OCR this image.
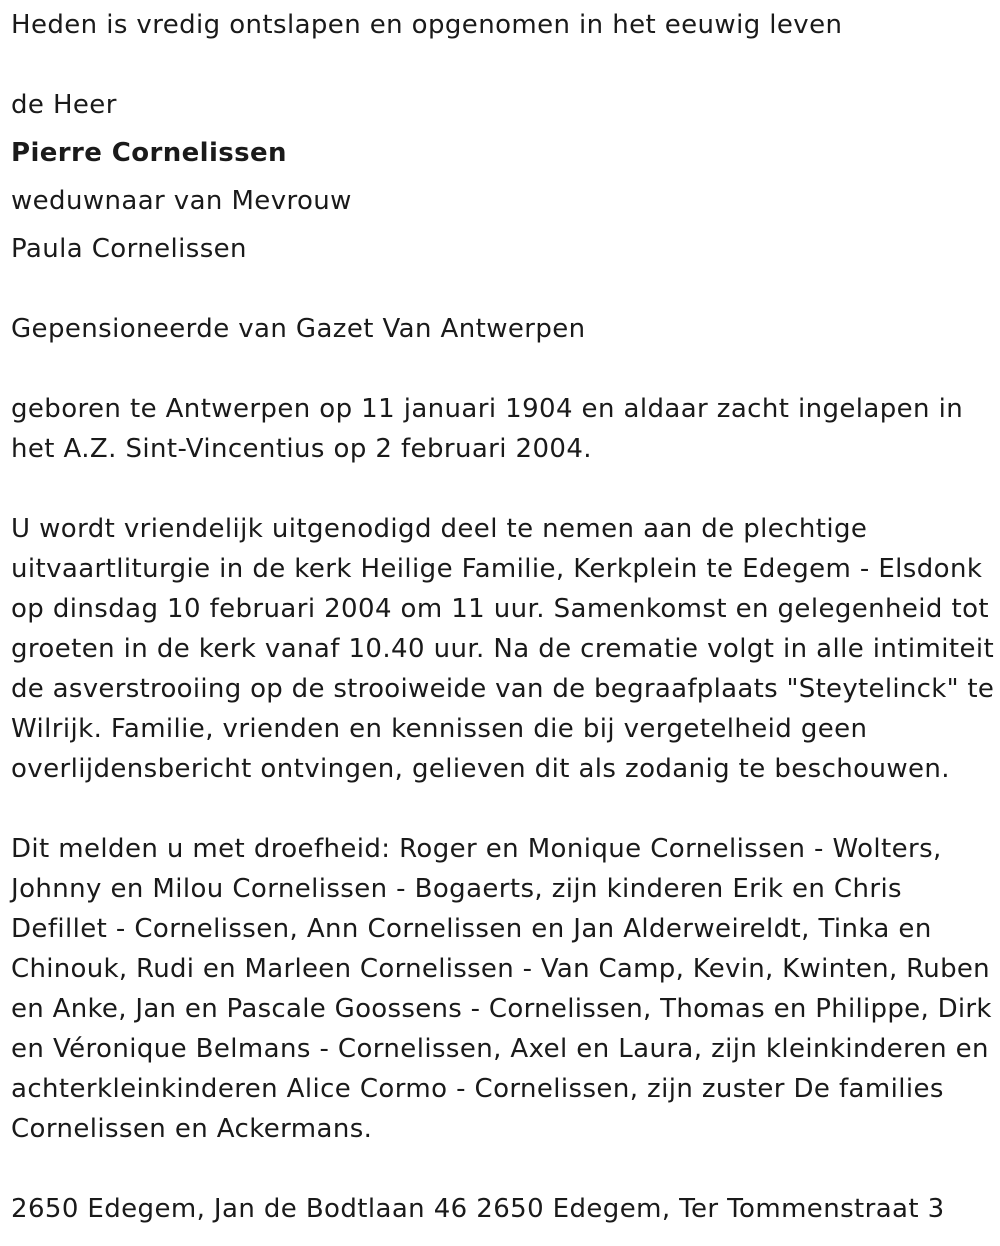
Heden is vredig ontslapen en opgenomen in het eeuwig leven
de Heer
Pierre Cornelissen
weduwnaar van Mevrouw
Paula Cornelissen
Gepensioneerde van Gazet Van Antwerpen
geboren te Antwerpen op 11 januari 1904 en aldaar zacht ingelapen in
het A.Z. Sint-Vincentius op 2 februari 2004.
U wordt vriendelijk uitgenodigd deel te nemen aan de plechtige
uitvaartliturgie in de kerk Heilige Familie, Kerkplein te Edegem - Elsdonk
op dinsdag 10 februari 2004 om 11 uur. Samenkomst en gelegenheid tot
groeten in de kerk vanaf 10.40 uur. Na de crematie volgt in alle intimiteit
de asverstrooiing op de strooiweide van de begraafplaats "Steytelinck" te
Wilrijk. Familie, vrienden en kennissen die bij vergetelheid geen
overlijdensbericht ontvingen, gelieven dit als zodanig te beschouwen.
Dit melden u met droefheid: Roger en Monique Cornelissen - Wolters,
Johnny en Milou Cornelissen - Bogaerts, zijn kinderen Erik en Chris
Defillet - Cornelissen, Ann Cornelissen en Jan Alderweireldt, Tinka en
Chinouk, Rudi en Marleen Cornelissen - Van Camp, Kevin, Kwinten, Ruben
en Anke, Jan en Pascale Goossens - Cornelissen, Thomas en Philippe, Dirk
en Véronique Belmans - Cornelissen, Axel en Laura, zijn kleinkinderen en
achterkleinkinderen Alice Cormo - Cornelissen, zijn zuster De families
Cornelissen en Ackermans.
2650 Edegem, Jan de Bodtlaan 46 2650 Edegem, Ter Tommenstraat 3
